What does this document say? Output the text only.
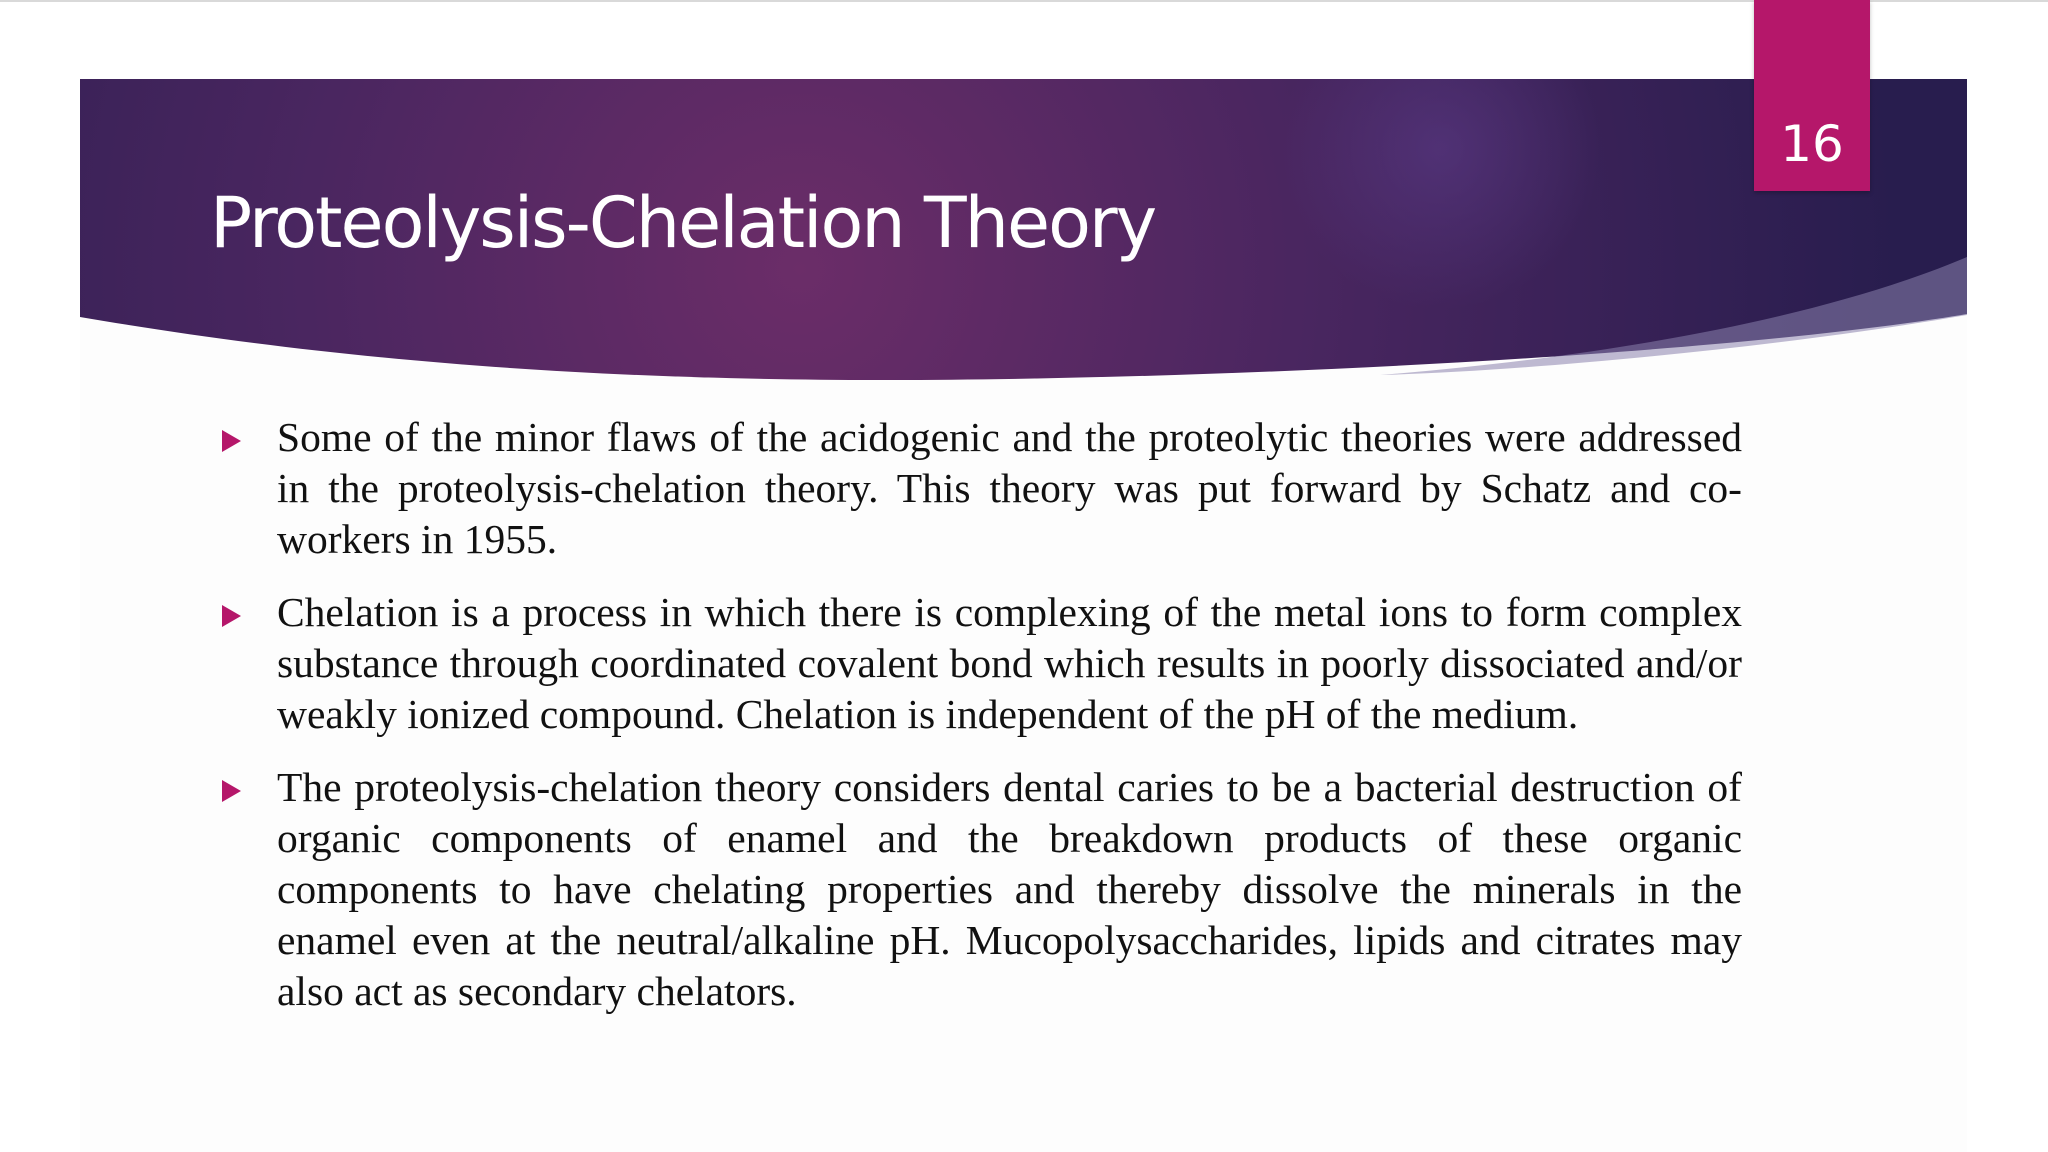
16
Proteolysis-Chelation Theory
Some of the minor flaws of the acidogenic and the proteolytic theories were addressed in the proteolysis-chelation theory. This theory was put forward by Schatz and co-workers in 1955.
Chelation is a process in which there is complexing of the metal ions to form complex substance through coordinated covalent bond which results in poorly dissociated and/or weakly ionized compound. Chelation is independent of the pH of the medium.
The proteolysis-chelation theory considers dental caries to be a bacterial destruction of organic components of enamel and the breakdown products of these organic components to have chelating properties and thereby dissolve the minerals in the enamel even at the neutral/alkaline pH. Mucopolysaccharides, lipids and citrates may also act as secondary chelators.
